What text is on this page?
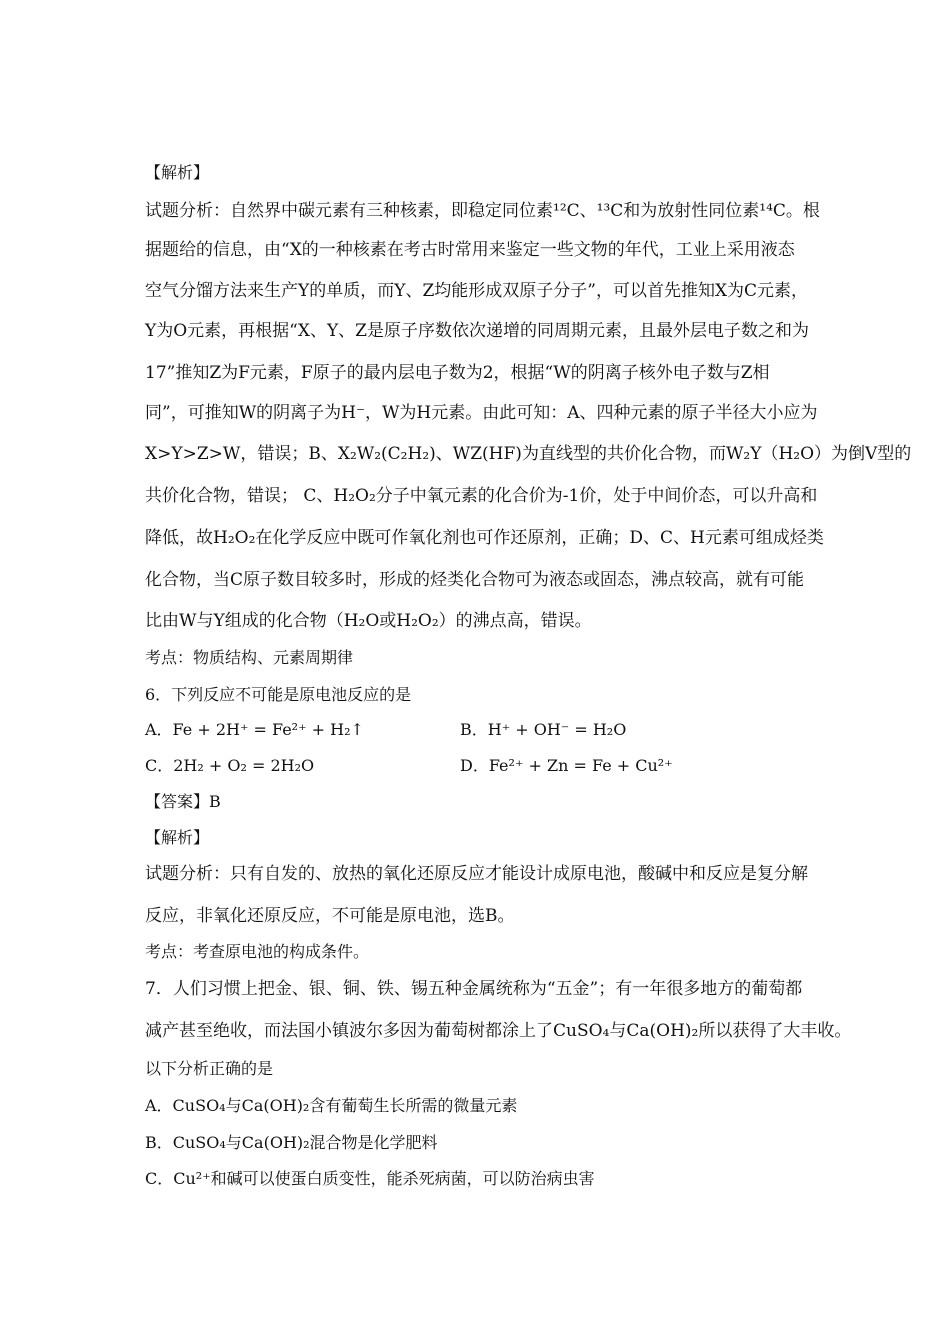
【解析】
试题分析：自然界中碳元素有三种核素，即稳定同位素¹²C、¹³C和为放射性同位素¹⁴C。根
据题给的信息，由“X的一种核素在考古时常用来鉴定一些文物的年代，工业上采用液态
空气分馏方法来生产Y的单质，而Y、Z均能形成双原子分子”，可以首先推知X为C元素，
Y为O元素，再根据“X、Y、Z是原子序数依次递增的同周期元素，且最外层电子数之和为
17”推知Z为F元素，F原子的最内层电子数为2，根据“W的阴离子核外电子数与Z相
同”，可推知W的阴离子为H⁻，W为H元素。由此可知：A、四种元素的原子半径大小应为
X>Y>Z>W，错误；B、X₂W₂(C₂H₂)、WZ(HF)为直线型的共价化合物，而W₂Y（H₂O）为倒V型的
共价化合物，错误； C、H₂O₂分子中氧元素的化合价为-1价，处于中间价态，可以升高和
降低，故H₂O₂在化学反应中既可作氧化剂也可作还原剂，正确；D、C、H元素可组成烃类
化合物，当C原子数目较多时，形成的烃类化合物可为液态或固态，沸点较高，就有可能
比由W与Y组成的化合物（H₂O或H₂O₂）的沸点高，错误。
考点：物质结构、元素周期律
6．下列反应不可能是原电池反应的是
A．Fe + 2H⁺ = Fe²⁺ + H₂↑	B．H⁺ + OH⁻ = H₂O
C．2H₂ + O₂ = 2H₂O	D．Fe²⁺ + Zn = Fe + Cu²⁺
【答案】B
【解析】
试题分析：只有自发的、放热的氧化还原反应才能设计成原电池，酸碱中和反应是复分解
反应，非氧化还原反应，不可能是原电池，选B。
考点：考查原电池的构成条件。
7．人们习惯上把金、银、铜、铁、锡五种金属统称为“五金”；有一年很多地方的葡萄都
减产甚至绝收，而法国小镇波尔多因为葡萄树都涂上了CuSO₄与Ca(OH)₂所以获得了大丰收。
以下分析正确的是
A．CuSO₄与Ca(OH)₂含有葡萄生长所需的微量元素
B．CuSO₄与Ca(OH)₂混合物是化学肥料
C．Cu²⁺和碱可以使蛋白质变性，能杀死病菌，可以防治病虫害
